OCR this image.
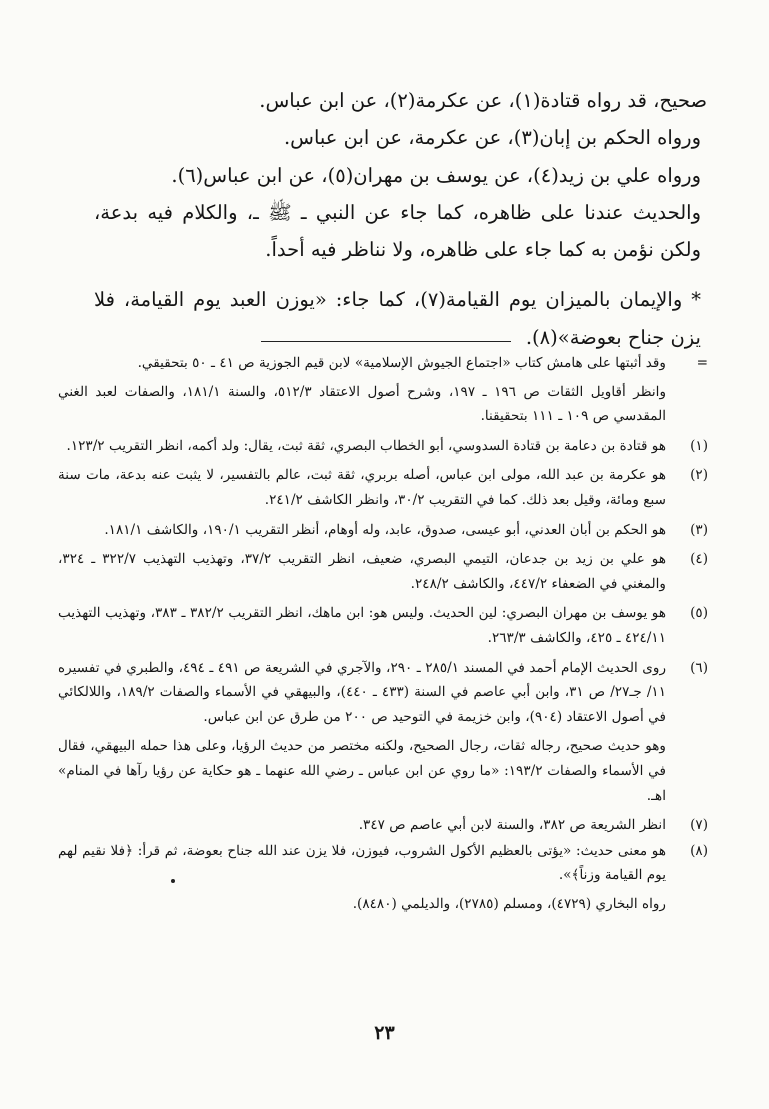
صحيح، قد رواه قتادة(١)، عن عكرمة(٢)، عن ابن عباس.

ورواه الحكم بن إبان(٣)، عن عكرمة، عن ابن عباس.

ورواه علي بن زيد(٤)، عن يوسف بن مهران(٥)، عن ابن عباس(٦).

والحديث عندنا على ظاهره، كما جاء عن النبي ـ ﷺ ـ، والكلام فيه بدعة، ولكن نؤمن به كما جاء على ظاهره، ولا نناظر فيه أحداً.

* والإيمان بالميزان يوم القيامة(٧)، كما جاء: «يوزن العبد يوم القيامة، فلا يزن جناح بعوضة»(٨).

=

وقد أثبتها على هامش كتاب «اجتماع الجيوش الإسلامية» لابن قيم الجوزية ص ٤١ ـ ٥٠ بتحقيقي.

وانظر أقاويل الثقات ص ١٩٦ ـ ١٩٧، وشرح أصول الاعتقاد ٥١٢/٣، والسنة ١٨١/١، والصفات لعبد الغني المقدسي ص ١٠٩ ـ ١١١ بتحقيقنا.

(١)

هو قتادة بن دعامة بن قتادة السدوسي، أبو الخطاب البصري، ثقة ثبت، يقال: ولد أكمه، انظر التقريب ١٢٣/٢.

(٢)

هو عكرمة بن عبد الله، مولى ابن عباس، أصله بربري، ثقة ثبت، عالم بالتفسير، لا يثبت عنه بدعة، مات سنة سبع ومائة، وقيل بعد ذلك. كما في التقريب ٣٠/٢، وانظر الكاشف ٢٤١/٢.

(٣)

هو الحكم بن أبان العدني، أبو عيسى، صدوق، عابد، وله أوهام، أنظر التقريب ١٩٠/١، والكاشف ١٨١/١.

(٤)

هو علي بن زيد بن جدعان، التيمي البصري، ضعيف، انظر التقريب ٣٧/٢، وتهذيب التهذيب ٣٢٢/٧ ـ ٣٢٤، والمغني في الضعفاء ٤٤٧/٢، والكاشف ٢٤٨/٢.

(٥)

هو يوسف بن مهران البصري: لين الحديث. وليس هو: ابن ماهك، انظر التقريب ٣٨٢/٢ ـ ٣٨٣، وتهذيب التهذيب ٤٢٤/١١ ـ ٤٢٥، والكاشف ٢٦٣/٣.

(٦)

روى الحديث الإمام أحمد في المسند ٢٨٥/١ ـ ٢٩٠، والآجري في الشريعة ص ٤٩١ ـ ٤٩٤، والطبري في تفسيره ١١/ جـ٢٧/ ص ٣١، وابن أبي عاصم في السنة (٤٣٣ ـ ٤٤٠)، والبيهقي في الأسماء والصفات ١٨٩/٢، واللالكائي في أصول الاعتقاد (٩٠٤)، وابن خزيمة في التوحيد ص ٢٠٠ من طرق عن ابن عباس.

وهو حديث صحيح، رجاله ثقات، رجال الصحيح، ولكنه مختصر من حديث الرؤيا، وعلى هذا حمله البيهقي، فقال في الأسماء والصفات ١٩٣/٢: «ما روي عن ابن عباس ـ رضي الله عنهما ـ هو حكاية عن رؤيا رآها في المنام» اهـ.

(٧)

انظر الشريعة ص ٣٨٢، والسنة لابن أبي عاصم ص ٣٤٧.

(٨)

هو معنى حديث: «يؤتى بالعظيم الأكول الشروب، فيوزن، فلا يزن عند الله جناح بعوضة، ثم قرأ: ﴿فلا نقيم لهم يوم القيامة وزناً﴾».

رواه البخاري (٤٧٢٩)، ومسلم (٢٧٨٥)، والديلمي (٨٤٨٠).

٢٣
